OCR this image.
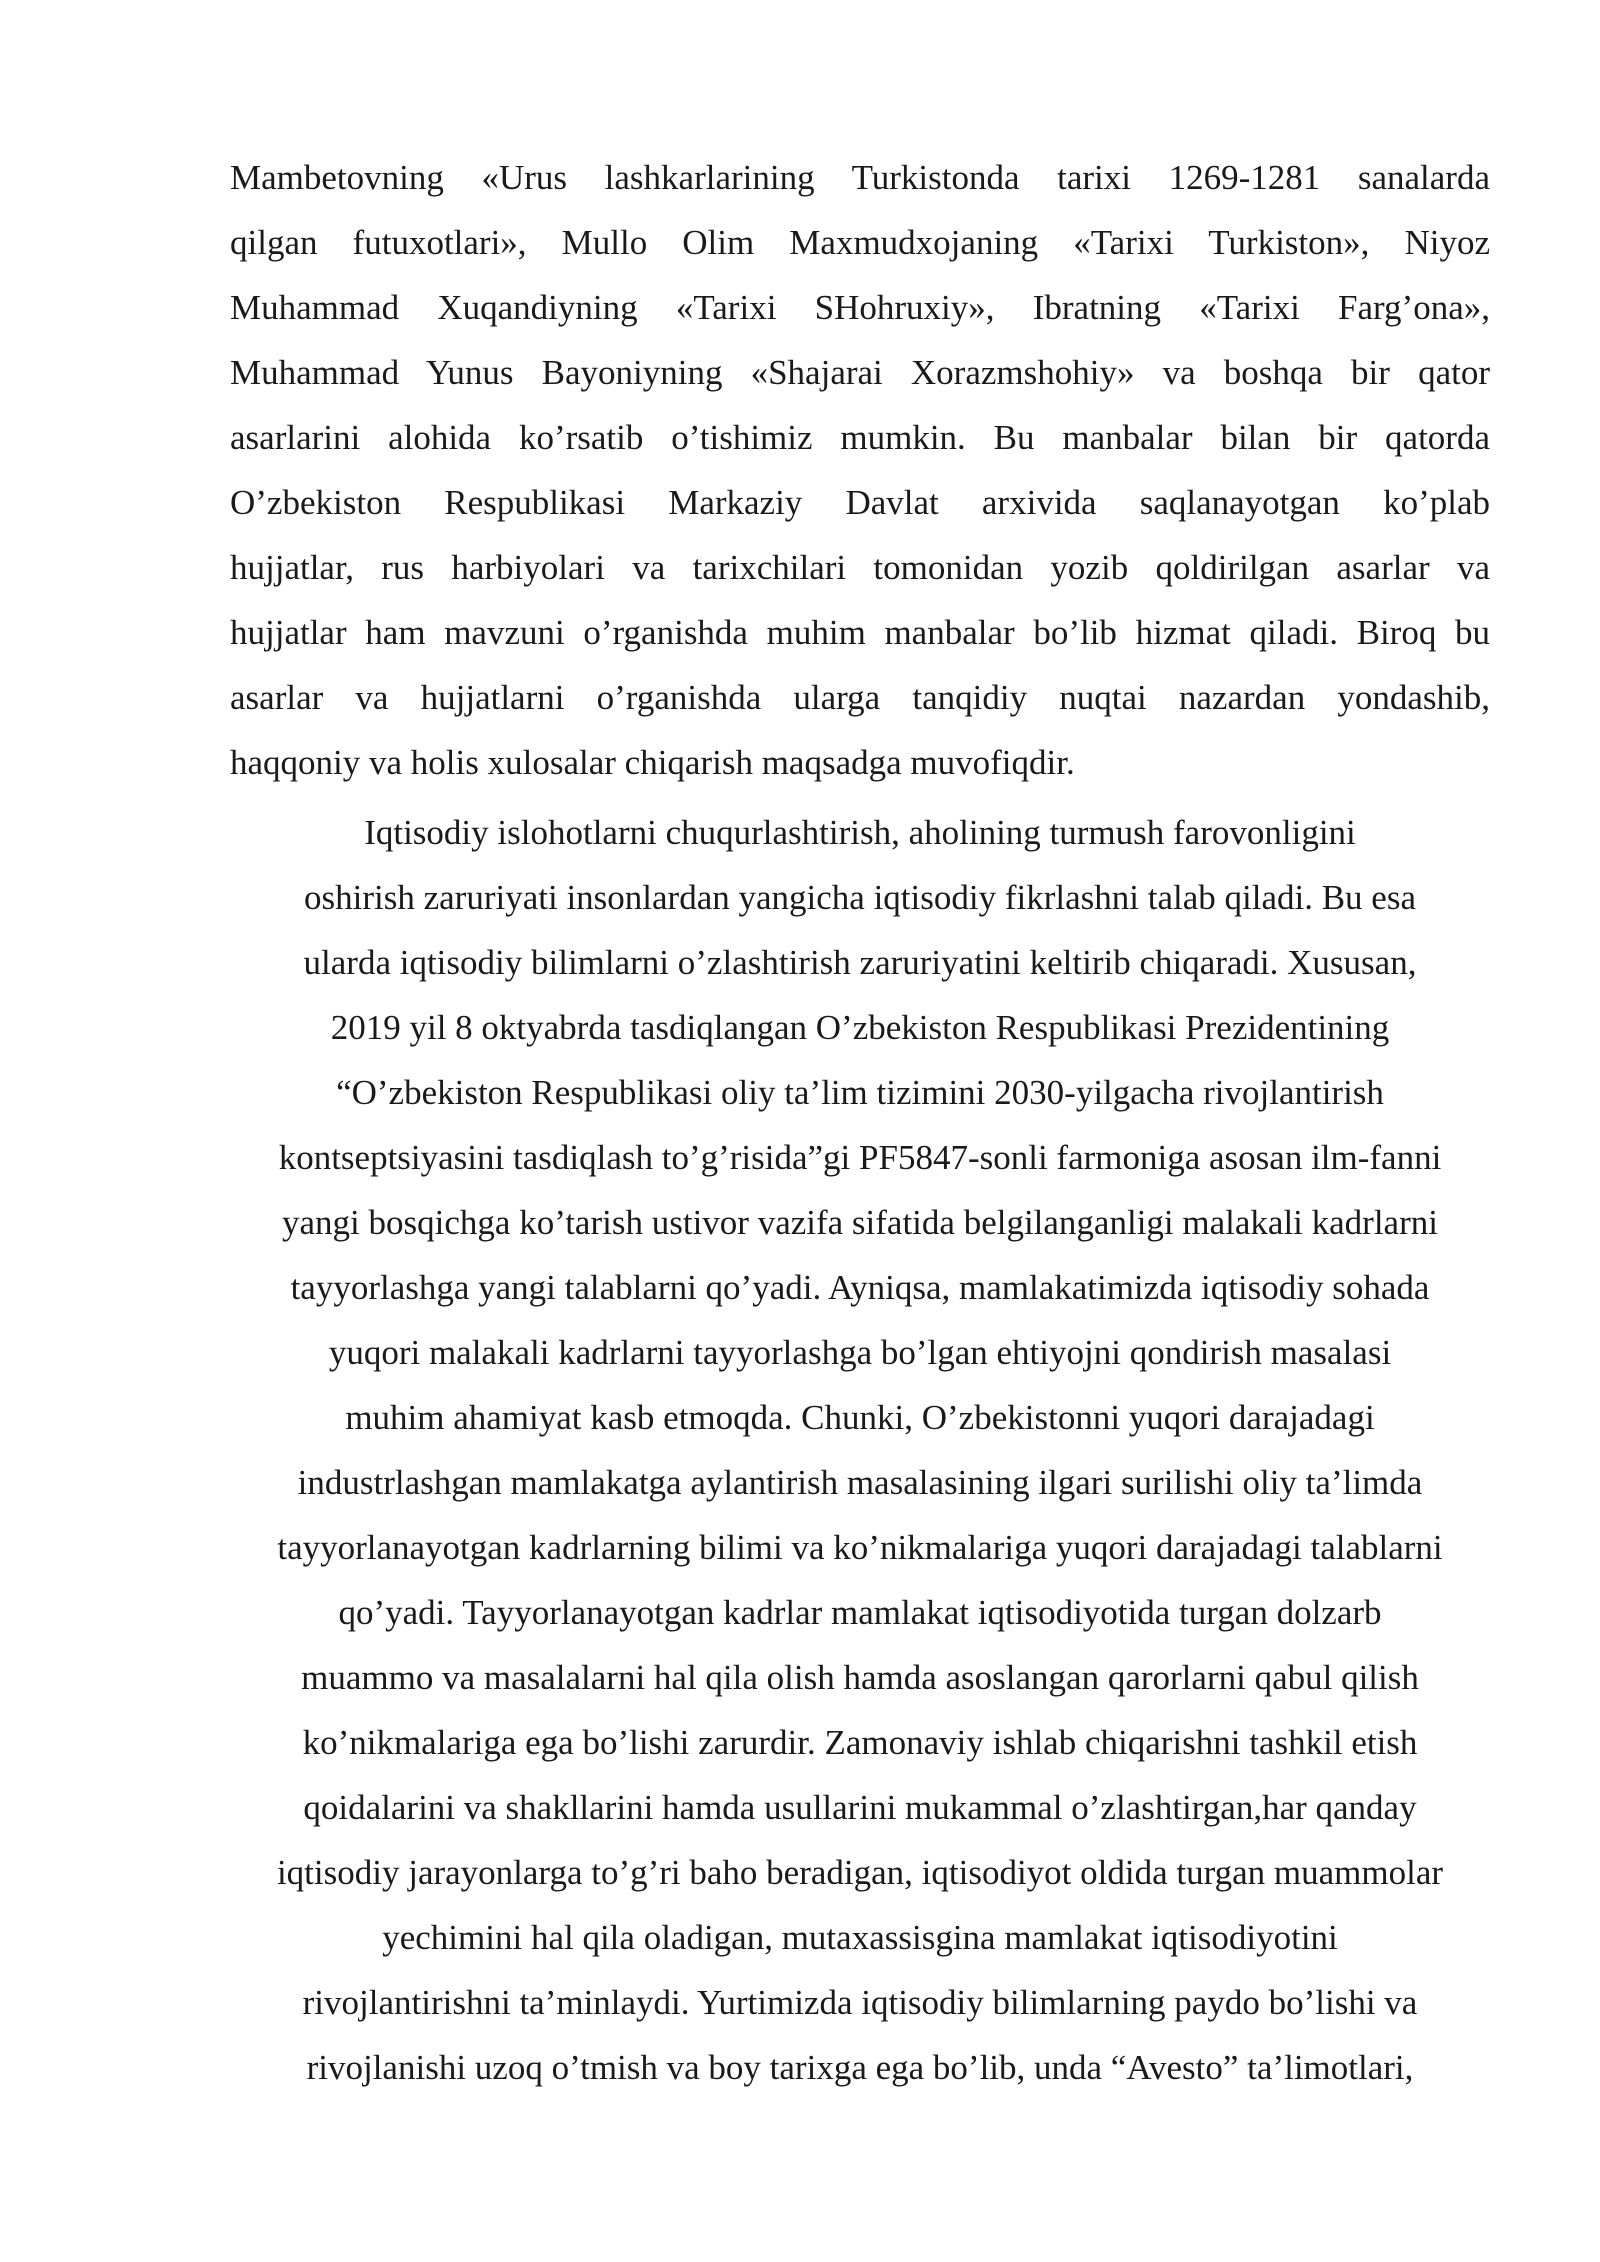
Mambetovning «Urus lashkarlarining Turkistonda tarixi 1269-1281 sanalarda
qilgan futuxotlari», Mullo Olim Maxmudxojaning «Tarixi Turkiston», Niyoz
Muhammad Xuqandiyning «Tarixi SHohruxiy», Ibratning «Tarixi Farg’ona»,
Muhammad Yunus Bayoniyning «Shajarai Xorazmshohiy» va boshqa bir qator
asarlarini alohida ko’rsatib o’tishimiz mumkin. Bu manbalar bilan bir qatorda
O’zbekiston Respublikasi Markaziy Davlat arxivida saqlanayotgan ko’plab
hujjatlar, rus harbiyolari va tarixchilari tomonidan yozib qoldirilgan asarlar va
hujjatlar ham mavzuni o’rganishda muhim manbalar bo’lib hizmat qiladi. Biroq bu
asarlar va hujjatlarni o’rganishda ularga tanqidiy nuqtai nazardan yondashib,
haqqoniy va holis xulosalar chiqarish maqsadga muvofiqdir.
Iqtisodiy islohotlarni chuqurlashtirish, aholining turmush farovonligini
oshirish zaruriyati insonlardan yangicha iqtisodiy fikrlashni talab qiladi. Bu esa
ularda iqtisodiy bilimlarni o’zlashtirish zaruriyatini keltirib chiqaradi. Xususan,
2019 yil 8 oktyabrda tasdiqlangan O’zbekiston Respublikasi Prezidentining
“O’zbekiston Respublikasi oliy ta’lim tizimini 2030-yilgacha rivojlantirish
kontseptsiyasini tasdiqlash to’g’risida”gi PF5847-sonli farmoniga asosan ilm-fanni
yangi bosqichga ko’tarish ustivor vazifa sifatida belgilanganligi malakali kadrlarni
tayyorlashga yangi talablarni qo’yadi. Ayniqsa, mamlakatimizda iqtisodiy sohada
yuqori malakali kadrlarni tayyorlashga bo’lgan ehtiyojni qondirish masalasi
muhim ahamiyat kasb etmoqda. Chunki, O’zbekistonni yuqori darajadagi
industrlashgan mamlakatga aylantirish masalasining ilgari surilishi oliy ta’limda
tayyorlanayotgan kadrlarning bilimi va ko’nikmalariga yuqori darajadagi talablarni
qo’yadi. Tayyorlanayotgan kadrlar mamlakat iqtisodiyotida turgan dolzarb
muammo va masalalarni hal qila olish hamda asoslangan qarorlarni qabul qilish
ko’nikmalariga ega bo’lishi zarurdir. Zamonaviy ishlab chiqarishni tashkil etish
qoidalarini va shakllarini hamda usullarini mukammal o’zlashtirgan,har qanday
iqtisodiy jarayonlarga to’g’ri baho beradigan, iqtisodiyot oldida turgan muammolar
yechimini hal qila oladigan, mutaxassisgina mamlakat iqtisodiyotini
rivojlantirishni ta’minlaydi. Yurtimizda iqtisodiy bilimlarning paydo bo’lishi va
rivojlanishi uzoq o’tmish va boy tarixga ega bo’lib, unda “Avesto” ta’limotlari,
